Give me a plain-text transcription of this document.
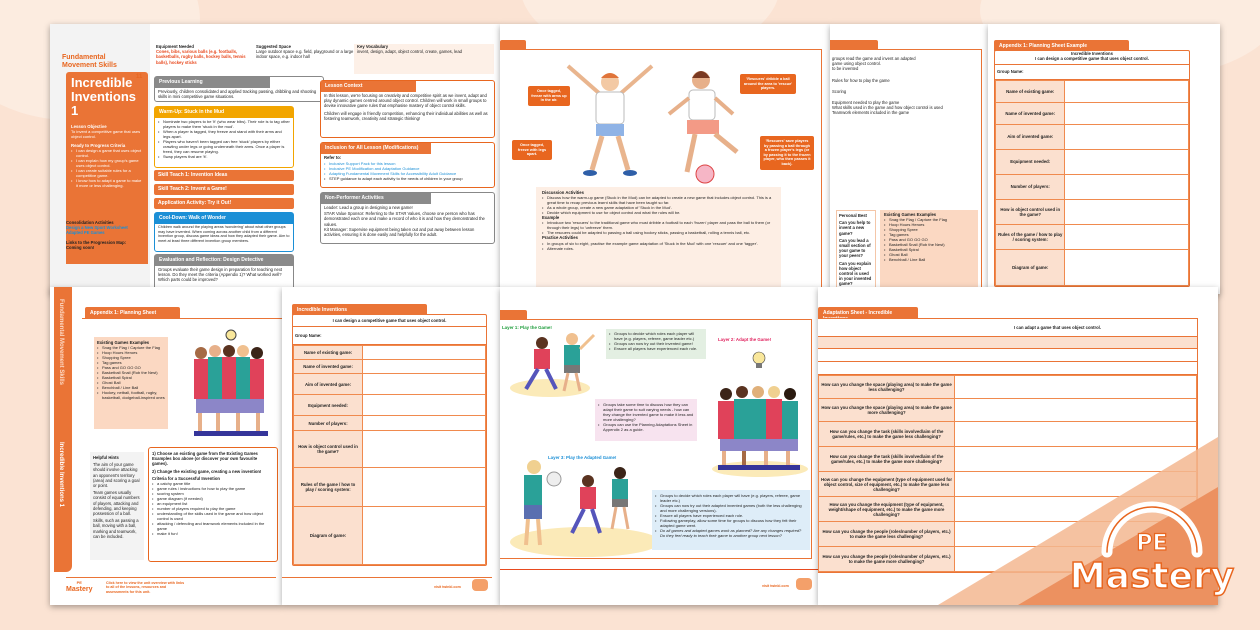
Fundamental Movement Skills
Incredible Inventions 1
Lesson Objective
To invent a competitive game that uses object control.
Ready to Progress Criteria
• I can design a game that uses object control.
• I can explain how my group's game uses object control.
• I can create suitable rules for a competitive game.
• I know how to adapt a game to make it more or less challenging.
11
Consolidation Activities
Design a New Sport Worksheet
Adapted PE Games
Links to the Progression Map:
Coming soon!
Equipment Needed
Cones, bibs, various balls (e.g. footballs, basketballs, rugby balls, hockey balls, tennis balls), hockey sticks
Suggested Space
Large outdoor space e.g. field, playground or a large indoor space, e.g. indoor hall
Key Vocabulary
invent, design, adapt, object control, create, games, lead
Previous Learning
Previously, children consolidated and applied tracking passing, dribbling and shooting skills in mini competitive game situations.
Warm-Up: Stuck in the Mud
• Nominate two players to be 'it' (who wear bibs). Their role is to tag other players to make them 'stuck in the mud'.
• When a player is tagged, they freeze and stand with their arms and legs apart.
• Players who haven't been tagged can free 'stuck' players by either crawling under legs or going underneath their arms. Once a player is freed, they can resume playing.
• Swap players that are 'it'.
Skill Teach 1: Invention Ideas
Skill Teach 2: Invent a Game!
Application Activity: Try it Out!
Cool-Down: Walk of Wonder
Children walk around the playing areas 'wondering' about what other groups may have invented. When coming across another child from a different invention group, discuss game ideas and how they adapted their game. Aim to meet at least three different invention group members.
Evaluation and Reflection: Design Detective
Groups evaluate their game design in preparation for teaching next lesson. Do they meet the criteria (Appendix 1)? What worked well? Which parts could be improved?
Lesson Context
In this lesson, we're focusing on creativity and competitive spirit as we invent, adapt and play dynamic games centred around object control. Children will work in small groups to devise innovative game rules that emphasise mastery of object control skills.
Children will engage in friendly competition, enhancing their individual abilities as well as fostering teamwork, creativity and strategic thinking!
Inclusion for All Lesson (Modifications)
Refer to:
• Inclusive Support Pack for this lesson
• Inclusive PE Modification and Adaptation Guidance
• Adapting Fundamental Movement Skills for Accessibility Adult Guidance
• STEP guidance to adapt each activity to the needs of children in your group
Non-Performer Activities
Leader: Lead a group in designing a new game!
STAR Value Sponsor: Referring to the STAR Values, choose one person who has demonstrated each one and make a record of who it is and how they demonstrated the values.
Kit Manager: Supervise equipment being taken out and put away between lesson activities, ensuring it is done easily and helpfully for the adult.
Once tagged, freeze with arms up in the air.
Once tagged, freeze with legs apart.
'Rescuers' dribble a ball around the area to 'rescue' players.
'Rescuers' save players by passing a ball through a frozen player's legs (or by passing it to the frozen player, who then passes it back).
Discussion Activities
• Discuss how the warm-up game (Stuck in the Mud) can be adapted to create a new game that includes object control. This is a great time to recap previous learnt skills that have been taught so far.
• As a whole group, create a new game adaptation of 'Stuck in the Mud'.
• Decide which equipment to use for object control and what the rules will be.
Example
• Introduce two 'rescuers' to the traditional game who must dribble a football to each 'frozen' player and pass the ball to them (or through their legs) to 'unfreeze' them.
• The rescuers could be adapted to passing a ball using hockey sticks, passing a basketball, rolling a tennis ball, etc.
Practice Activities
• In groups of six to eight, practise the example game adaptation of 'Stuck in the Mud' with one 'rescuer' and one 'tagger'.
• Alternate roles.
groups read the game and invent an adapted
game using object control.
to be invented
Rules for how to play the game
Scoring
Equipment needed to play the game
What skills used in the game and how object control is used
Teamwork elements included in the game
Personal Best
Can you help to invent a new game?
Can you lead a small section of your game to your peers?
Can you explain how object control is used in your invented game?
Existing Games Examples
• Snag the Flag / Capture the Flag
• Hoop Hours Heroes
• Shopping Spree
• Tag games
• Pass and GO GO GO
• Basketball Snail (Rob the Nest)
• Basketball Spiral
• Ghost Ball
• Benchball / Line Ball
Appendix 1: Planning Sheet Example
Incredible Inventions
I can design a competitive game that uses object control.
Group Name:
Name of existing game:	
Name of invented game:	
Aim of invented game:	
Equipment needed:	
Number of players:	
How is object control used in the game?	
Rules of the game / how to play / scoring system:	
Diagram of game:	
Fundamental Movement Skills
Incredible Inventions 1
Appendix 1: Planning Sheet
Existing Games Examples
• Snag the Flag / Capture the Flag
• Hoop Hours Heroes
• Shopping Spree
• Tag games
• Pass and GO GO GO
• Basketball Snail (Rob the Nest)
• Basketball Spiral
• Ghost Ball
• Benchball / Line Ball
• Hockey, netball, football, rugby, basketball, dodgeball-inspired ones
Helpful Hints
The aim of your game should involve attacking an opponent's territory (area) and scoring a goal or point.
Team games usually consist of equal numbers of players, attacking and defending, and keeping possession of a ball.
Skills, such as passing a ball, moving with a ball, marking and teamwork, can be included.
1) Choose an existing game from the Existing Games Examples box above (or discover your own favourite games).
2) Change the existing game, creating a new invention!
Criteria for a Successful Invention
• a catchy game title
• game rules / instructions for how to play the game
• scoring system
• game diagram (if needed)
• an equipment list
• number of players required to play the game
• understanding of the skills used in the game and how object control is used
• attacking / defending and teamwork elements included in the game
• make it fun!
PE
Mastery
Click here to view the unit overview with links to all of the lessons, resources and assessments for this unit.
Incredible Inventions
I can design a competitive game that uses object control.
Group Name:
Name of existing game:	
Name of invented game:	
Aim of invented game:	
Equipment needed:	
Number of players:	
How is object control used in the game?	
Rules of the game / how to play / scoring system:	
Diagram of game:	
visit twinkl.com
Layer 1: Play the Game!
Layer 2: Adapt the Game!
Layer 3: Play the Adapted Game!
• Groups to decide which roles each player will have (e.g. players, referee, game leader etc.)
• Groups can now try out their invented game!
• Ensure all players have experienced each role.
• Groups take some time to discuss how they can adapt their game to suit varying needs - how can they change the invented game to make it less and more challenging?
• Groups can use the Planning Adaptations Sheet in Appendix 2 as a guide.
• Groups to decide which roles each player will have (e.g. players, referee, game leader etc.)
• Groups can now try out their adapted invented games (both the less challenging and more challenging versions).
• Ensure all players have experienced each role.
• Following gameplay, allow some time for groups to discuss how they felt their adapted game went.
• Do all games and adapted games work as planned? Are any changes required? Do they feel ready to teach their game to another group next lesson?
visit twinkl.com
Adaptation Sheet - Incredible Inventions
I can adapt a game that uses object control.
How can you change the space (playing area) to make the game less challenging?	
How can you change the space (playing area) to make the game more challenging?	
How can you change the task (skills involved/aim of the game/rules, etc.) to make the game less challenging?	
How can you change the task (skills involved/aim of the game/rules, etc.) to make the game more challenging?	
How can you change the equipment (type of equipment used for object control, size of equipment, etc.) to make the game less challenging?	
How can you change the equipment (type of equipment, weight/shape of equipment, etc.) to make the game more challenging?	
How can you change the people (roles/number of players, etc.) to make the game less challenging?	
How can you change the people (roles/number of players, etc.) to make the game more challenging?	
PE
Mastery
